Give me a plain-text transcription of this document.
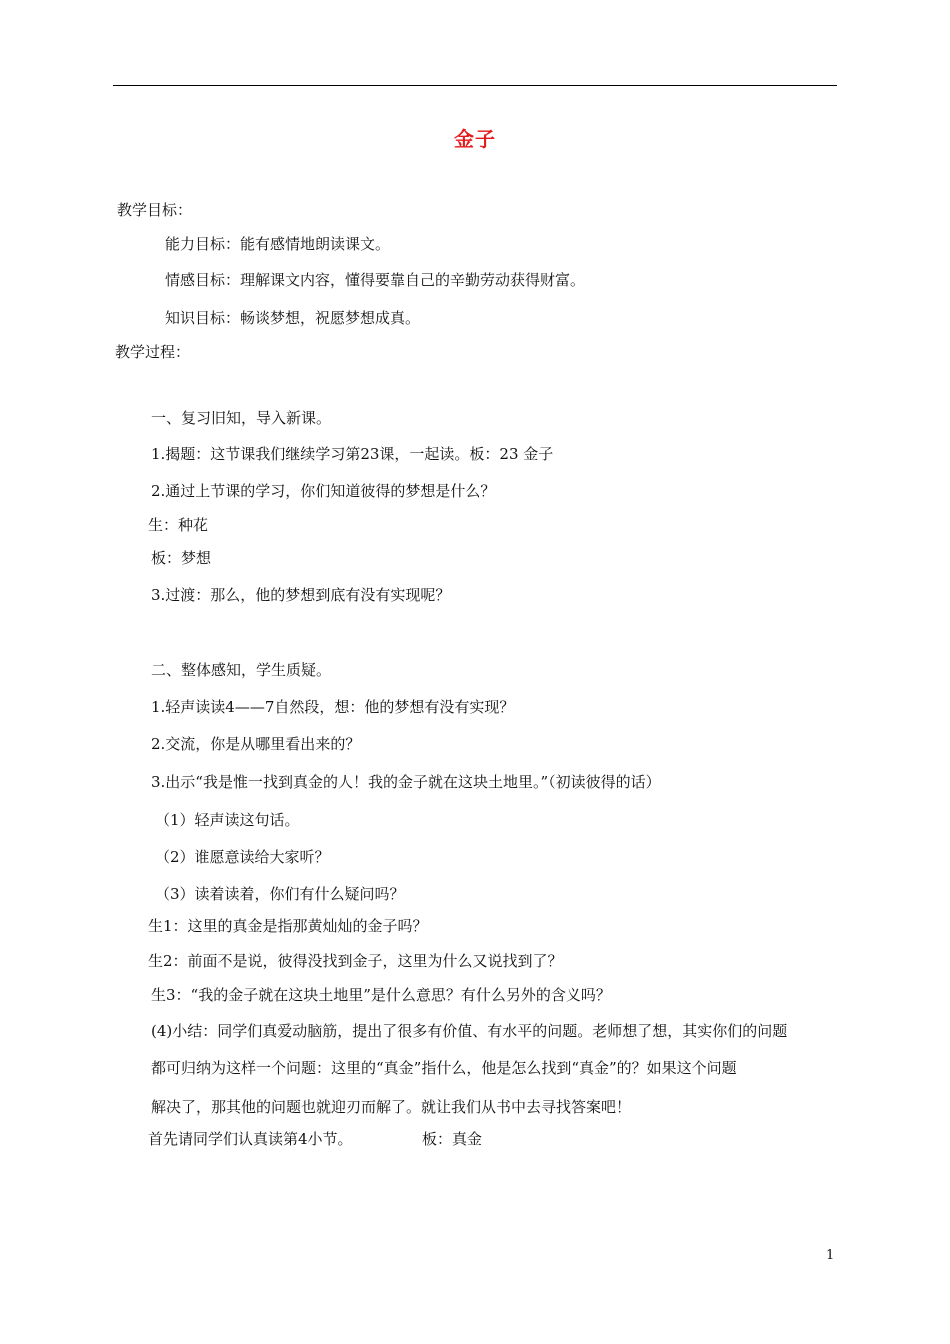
金子
教学目标：
能力目标：能有感情地朗读课文。
情感目标：理解课文内容，懂得要靠自己的辛勤劳动获得财富。
知识目标：畅谈梦想，祝愿梦想成真。
教学过程：
一、复习旧知，导入新课。
1.揭题：这节课我们继续学习第23课，一起读。板：23 金子
2.通过上节课的学习，你们知道彼得的梦想是什么？
生：种花
板：梦想
3.过渡：那么，他的梦想到底有没有实现呢？
二、整体感知，学生质疑。
1.轻声读读4——7自然段，想：他的梦想有没有实现？
2.交流，你是从哪里看出来的？
3.出示“我是惟一找到真金的人！我的金子就在这块土地里。”（初读彼得的话）
（1）轻声读这句话。
（2）谁愿意读给大家听？
（3）读着读着，你们有什么疑问吗？
生1：这里的真金是指那黄灿灿的金子吗？
生2：前面不是说，彼得没找到金子，这里为什么又说找到了？
生3：“我的金子就在这块土地里”是什么意思？有什么另外的含义吗？
(4)小结：同学们真爱动脑筋，提出了很多有价值、有水平的问题。老师想了想，其实你们的问题
都可归纳为这样一个问题：这里的“真金”指什么，他是怎么找到“真金”的？如果这个问题
解决了，那其他的问题也就迎刃而解了。就让我们从书中去寻找答案吧！
首先请同学们认真读第4小节。	板：真金
1
